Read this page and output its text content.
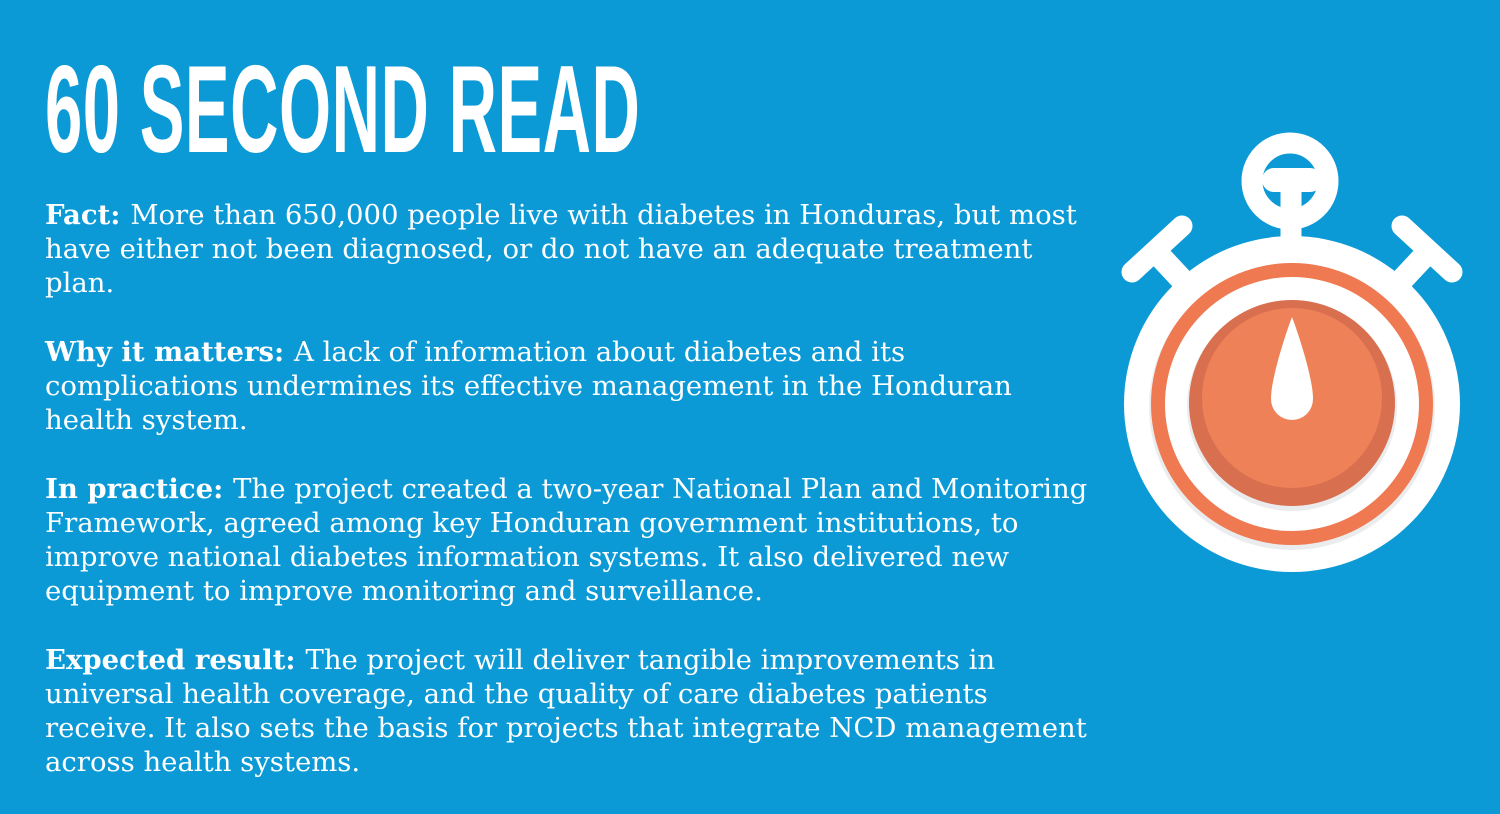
60 SECOND READ

Fact: More than 650,000 people live with diabetes in Honduras, but most have either not been diagnosed, or do not have an adequate treatment plan.

Why it matters: A lack of information about diabetes and its complications undermines its effective management in the Honduran health system.

In practice: The project created a two-year National Plan and Monitoring Framework, agreed among key Honduran government institutions, to improve national diabetes information systems. It also delivered new equipment to improve monitoring and surveillance.

Expected result: The project will deliver tangible improvements in universal health coverage, and the quality of care diabetes patients receive. It also sets the basis for projects that integrate NCD management across health systems.
